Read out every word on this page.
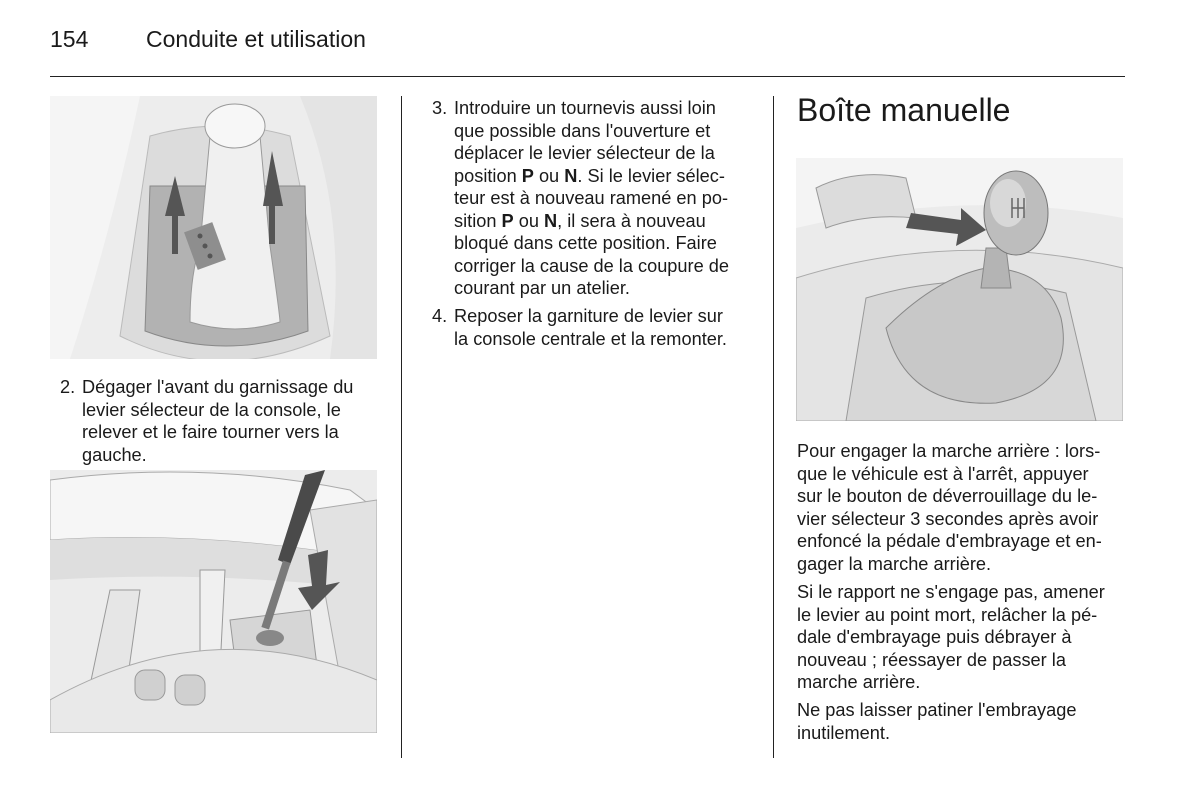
154	Conduite et utilisation
2. Dégager l'avant du garnissage du
levier sélecteur de la console, le
relever et le faire tourner vers la
gauche.
3. Introduire un tournevis aussi loin
que possible dans l'ouverture et
déplacer le levier sélecteur de la
position P ou N. Si le levier sélec-
teur est à nouveau ramené en po-
sition P ou N, il sera à nouveau
bloqué dans cette position. Faire
corriger la cause de la coupure de
courant par un atelier.
4. Reposer la garniture de levier sur
la console centrale et la remonter.
Boîte manuelle
Pour engager la marche arrière : lors-
que le véhicule est à l'arrêt, appuyer
sur le bouton de déverrouillage du le-
vier sélecteur 3 secondes après avoir
enfoncé la pédale d'embrayage et en-
gager la marche arrière.
Si le rapport ne s'engage pas, amener
le levier au point mort, relâcher la pé-
dale d'embrayage puis débrayer à
nouveau ; réessayer de passer la
marche arrière.
Ne pas laisser patiner l'embrayage
inutilement.
